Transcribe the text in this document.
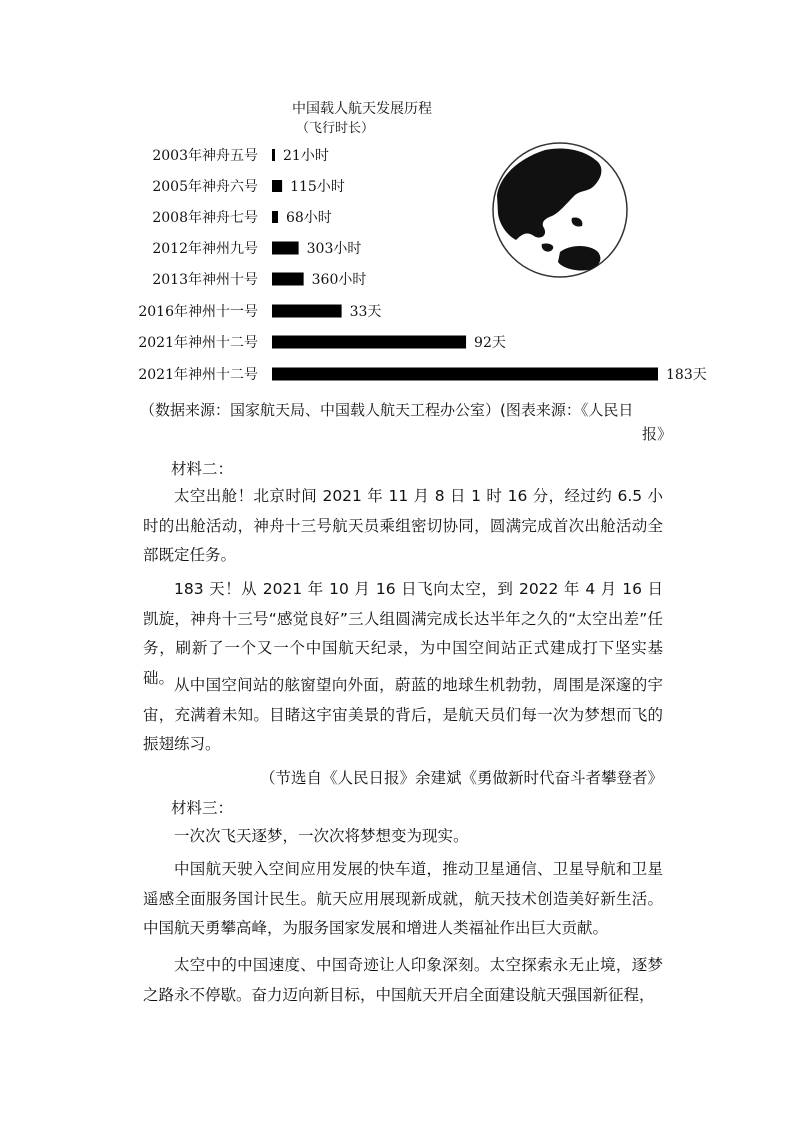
中国载人航天发展历程
（飞行时长）
2003年神舟五号 21小时
2005年神舟六号 115小时
2008年神舟七号 68小时
2012年神州九号	303小时
2013年神州十号	360小时
2016年神州十一号	33天
2021年神州十二号	92天
2021年神州十二号	183天
（数据来源：国家航天局、中国载人航天工程办公室）(图表来源：《人民日
报》
材料二：
太空出舱！北京时间 2021 年 11 月 8 日 1 时 16 分，经过约 6.5 小时的出舱活动，神舟十三号航天员乘组密切协同，圆满完成首次出舱活动全部既定任务。
183 天！从 2021 年 10 月 16 日飞向太空，到 2022 年 4 月 16 日凯旋，神舟十三号“感觉良好”三人组圆满完成长达半年之久的“太空出差”任务，刷新了一个又一个中国航天纪录，为中国空间站正式建成打下坚实基础。 从中国空间站的舷窗望向外面，蔚蓝的地球生机勃勃，周围是深邃的宇宙，充满着未知。目睹这宇宙美景的背后，是航天员们每一次为梦想而飞的振翅练习。
（节选自《人民日报》余建斌《勇做新时代奋斗者攀登者》
材料三：
一次次飞天逐梦，一次次将梦想变为现实。
中国航天驶入空间应用发展的快车道，推动卫星通信、卫星导航和卫星遥感全面服务国计民生。航天应用展现新成就，航天技术创造美好新生活。中国航天勇攀高峰，为服务国家发展和增进人类福祉作出巨大贡献。
太空中的中国速度、中国奇迹让人印象深刻。太空探索永无止境，逐梦之路永不停歇。奋力迈向新目标，中国航天开启全面建设航天强国新征程，
